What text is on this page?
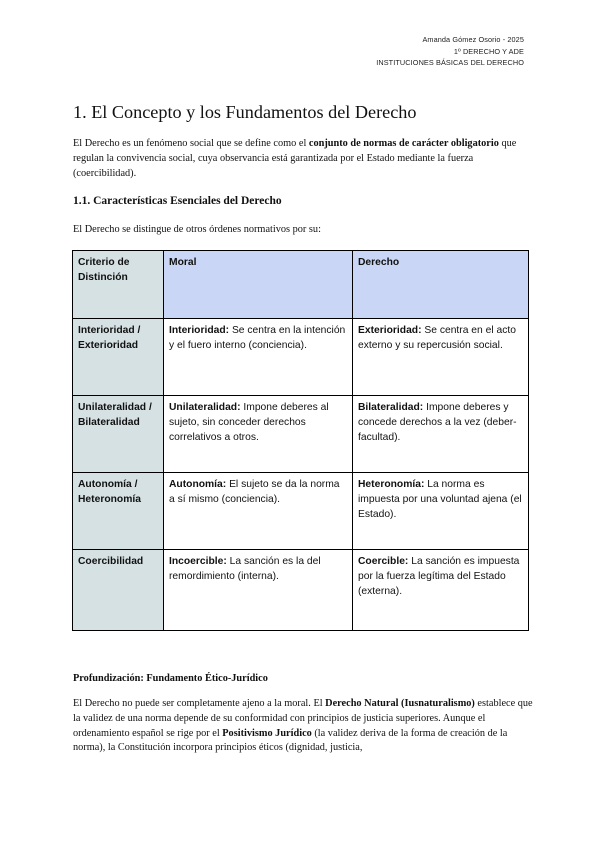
Amanda Gómez Osorio - 2025
1º DERECHO Y ADE
INSTITUCIONES BÁSICAS DEL DERECHO
1. El Concepto y los Fundamentos del Derecho

El Derecho es un fenómeno social que se define como el conjunto de normas de carácter obligatorio que regulan la convivencia social, cuya observancia está garantizada por el Estado mediante la fuerza (coercibilidad).

1.1. Características Esenciales del Derecho

El Derecho se distingue de otros órdenes normativos por su:

Criterio de Distinción	Moral	Derecho
Interioridad / Exterioridad	Interioridad: Se centra en la intención y el fuero interno (conciencia).	Exterioridad: Se centra en el acto externo y su repercusión social.
Unilateralidad / Bilateralidad	Unilateralidad: Impone deberes al sujeto, sin conceder derechos correlativos a otros.	Bilateralidad: Impone deberes y concede derechos a la vez (deber-facultad).
Autonomía / Heteronomía	Autonomía: El sujeto se da la norma a sí mismo (conciencia).	Heteronomía: La norma es impuesta por una voluntad ajena (el Estado).
Coercibilidad	Incoercible: La sanción es la del remordimiento (interna).	Coercible: La sanción es impuesta por la fuerza legítima del Estado (externa).
Profundización: Fundamento Ético-Jurídico

El Derecho no puede ser completamente ajeno a la moral. El Derecho Natural (Iusnaturalismo) establece que la validez de una norma depende de su conformidad con principios de justicia superiores. Aunque el ordenamiento español se rige por el Positivismo Jurídico (la validez deriva de la forma de creación de la norma), la Constitución incorpora principios éticos (dignidad, justicia,
